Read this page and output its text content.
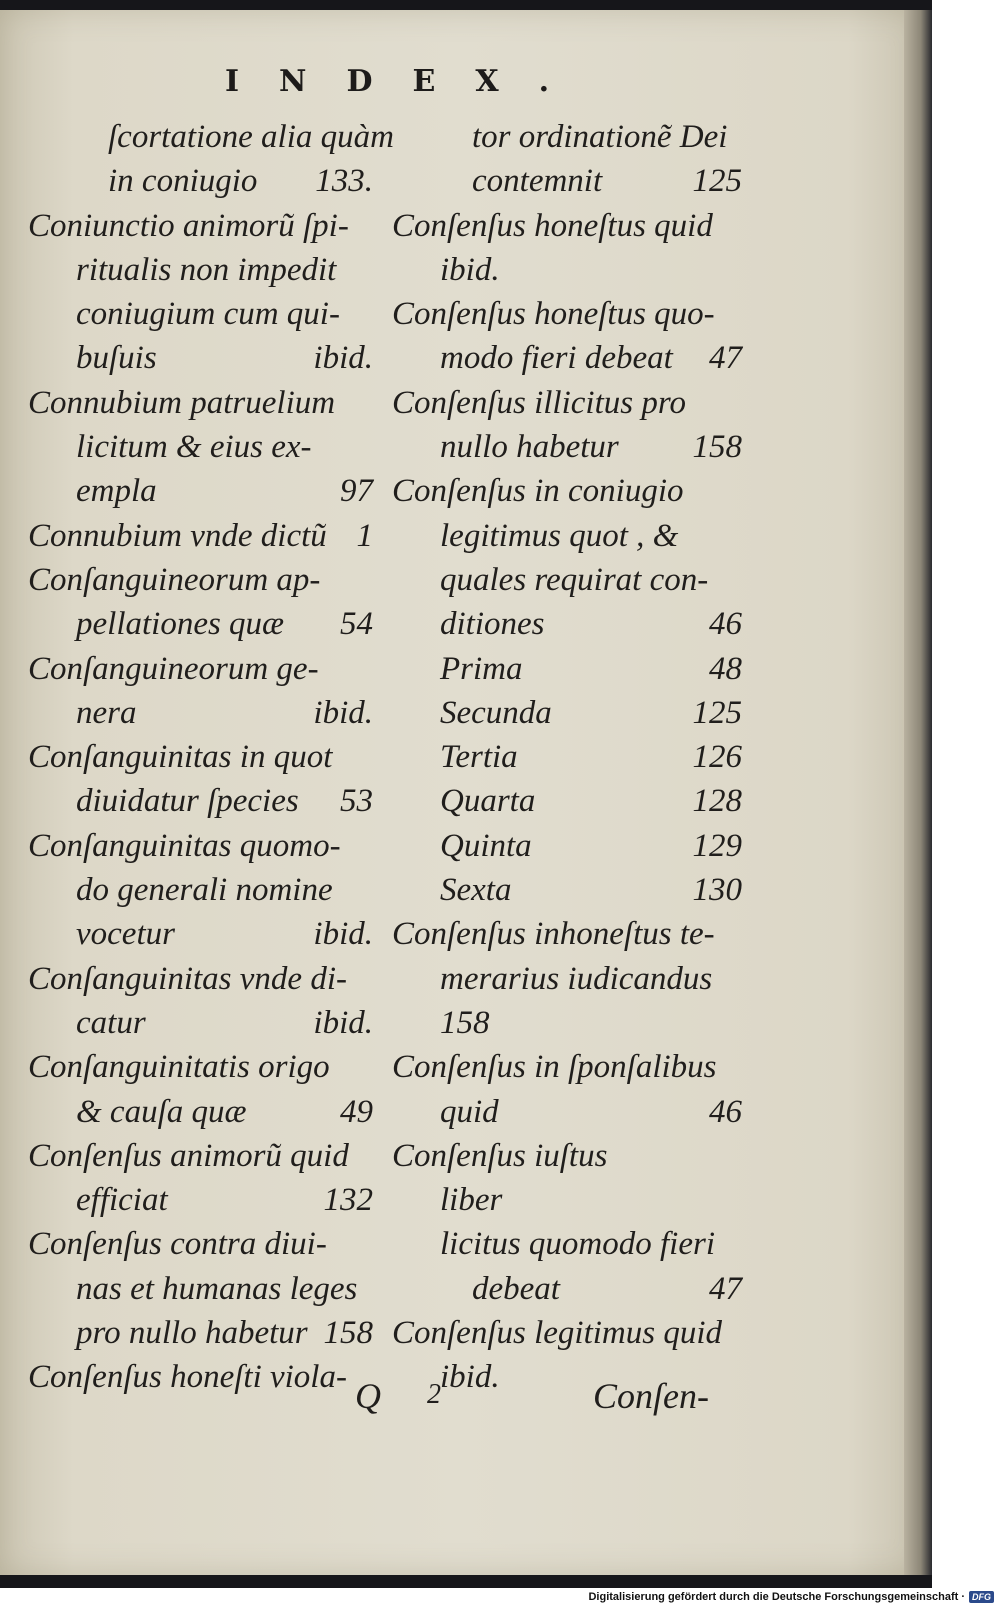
INDEX.
ſcortatione alia quàm
in coniugio 133.
Coniunctio animorũ ſpi-
ritualis non impedit
coniugium cum qui-
buſuis	ibid.
Connubium patruelium
licitum & eius ex-
empla	97
Connubium vnde dictũ 1
Conſanguineorum ap-
pellationes quæ 54
Conſanguineorum ge-
nera	ibid.
Conſanguinitas in quot
diuidatur ſpecies 53
Conſanguinitas quomo-
do generali nomine
vocetur	ibid.
Conſanguinitas vnde di-
catur	ibid.
Conſanguinitatis origo
& cauſa quæ	49
Conſenſus animorũ quid
efficiat	132
Conſenſus contra diui-
nas et humanas leges
pro nullo habetur 158
Conſenſus honeſti viola-
tor ordinationẽ Dei
contemnit	125
Conſenſus honeſtus quid
ibid.
Conſenſus honeſtus quo-
modo fieri debeat 47
Conſenſus illicitus pro
nullo habetur 158
Conſenſus in coniugio
legitimus quot , &
quales requirat con-
ditiones	46
Prima	48
Secunda	125
Tertia	126
Quarta	128
Quinta	129
Sexta	130
Conſenſus inhoneſtus te-
merarius iudicandus
158
Conſenſus in ſponſalibus
quid	46
Conſenſus iuſtus
liber
licitus quomodo fieri
debeat	47
Conſenſus legitimus quid
ibid.
Q 2	Conſen-
Digitalisierung gefördert durch die Deutsche Forschungsgemeinschaft · DFG
